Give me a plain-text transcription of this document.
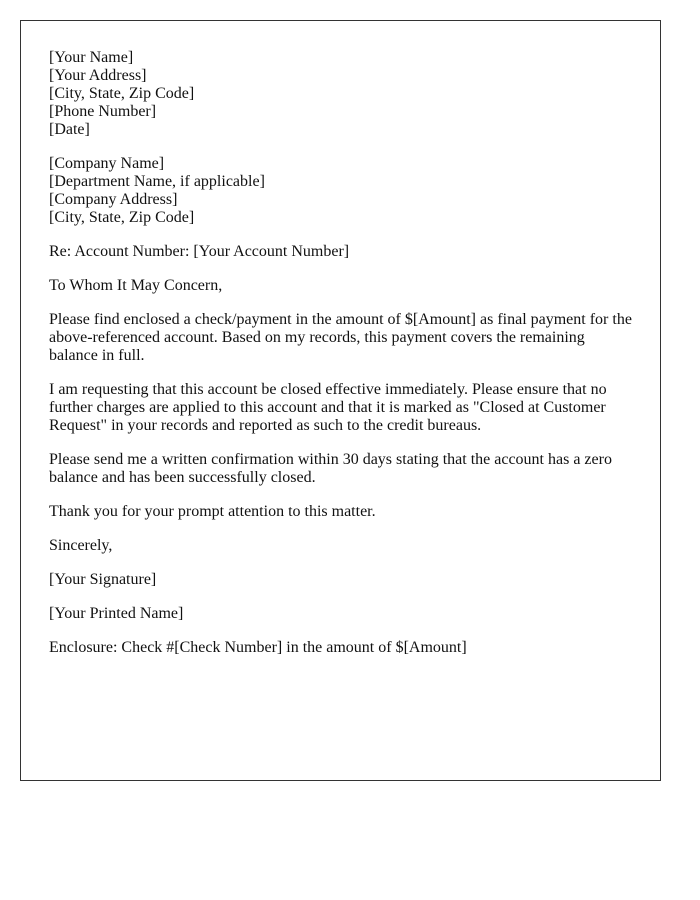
[Your Name]
[Your Address]
[City, State, Zip Code]
[Phone Number]
[Date]

[Company Name]
[Department Name, if applicable]
[Company Address]
[City, State, Zip Code]

Re: Account Number: [Your Account Number]

To Whom It May Concern,

Please find enclosed a check/payment in the amount of $[Amount] as final payment for the above-referenced account. Based on my records, this payment covers the remaining balance in full.

I am requesting that this account be closed effective immediately. Please ensure that no further charges are applied to this account and that it is marked as "Closed at Customer Request" in your records and reported as such to the credit bureaus.

Please send me a written confirmation within 30 days stating that the account has a zero balance and has been successfully closed.

Thank you for your prompt attention to this matter.

Sincerely,

[Your Signature]

[Your Printed Name]

Enclosure: Check #[Check Number] in the amount of $[Amount]
